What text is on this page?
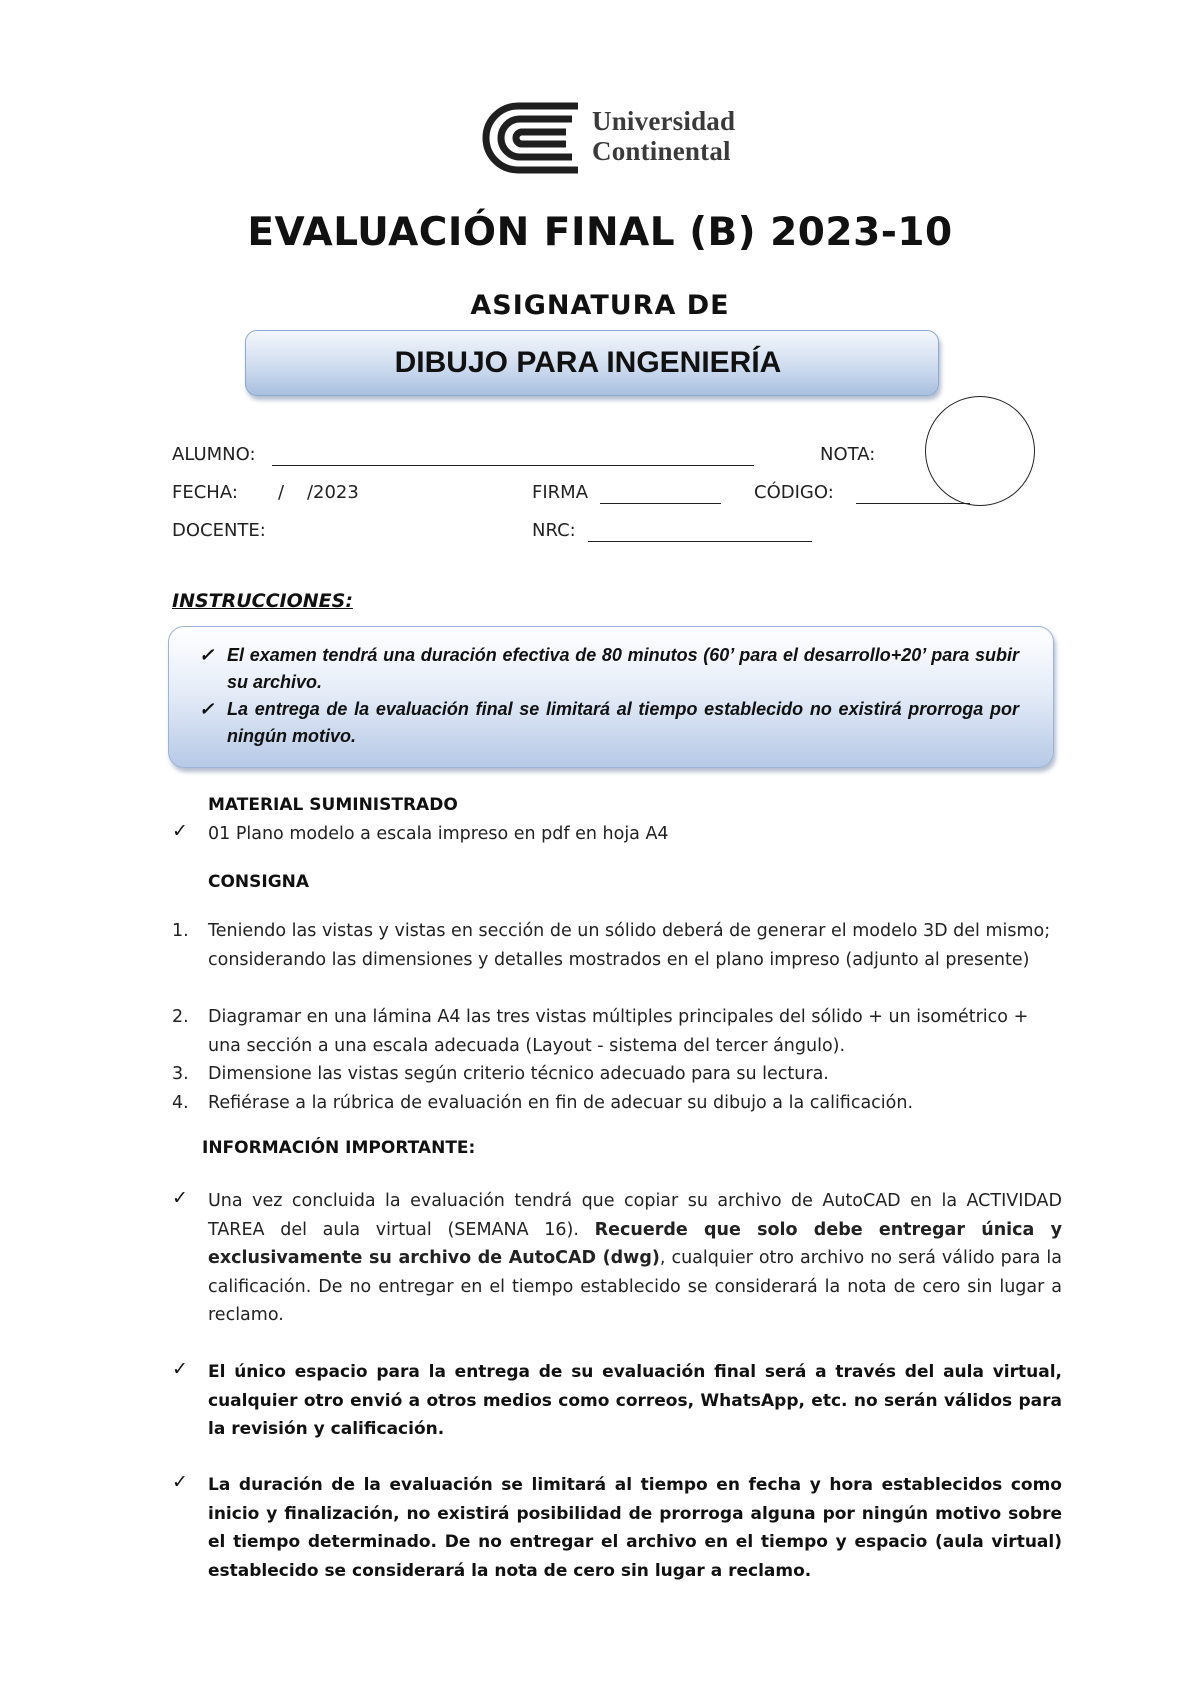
Universidad
Continental
EVALUACIÓN FINAL (B) 2023-10
ASIGNATURA DE
DIBUJO PARA INGENIERÍA
ALUMNO:	NOTA:
FECHA: /    /2023	FIRMA	CÓDIGO:
DOCENTE:	NRC:
INSTRUCCIONES:
✓ El examen tendrá una duración efectiva de 80 minutos (60’ para el desarrollo+20’ para subir su archivo.
✓ La entrega de la evaluación final se limitará al tiempo establecido no existirá prorroga por ningún motivo.
MATERIAL SUMINISTRADO
✓ 01 Plano modelo a escala impreso en pdf en hoja A4
CONSIGNA
1. Teniendo las vistas y vistas en sección de un sólido deberá de generar el modelo 3D del mismo; considerando las dimensiones y detalles mostrados en el plano impreso (adjunto al presente)
2. Diagramar en una lámina A4 las tres vistas múltiples principales del sólido + un isométrico + una sección a una escala adecuada (Layout - sistema del tercer ángulo).
3. Dimensione las vistas según criterio técnico adecuado para su lectura.
4. Refiérase a la rúbrica de evaluación en fin de adecuar su dibujo a la calificación.
INFORMACIÓN IMPORTANTE:
✓ Una vez concluida la evaluación tendrá que copiar su archivo de AutoCAD en la ACTIVIDAD TAREA del aula virtual (SEMANA 16). Recuerde que solo debe entregar única y exclusivamente su archivo de AutoCAD (dwg), cualquier otro archivo no será válido para la calificación. De no entregar en el tiempo establecido se considerará la nota de cero sin lugar a reclamo.
✓ El único espacio para la entrega de su evaluación final será a través del aula virtual, cualquier otro envió a otros medios como correos, WhatsApp, etc. no serán válidos para la revisión y calificación.
✓ La duración de la evaluación se limitará al tiempo en fecha y hora establecidos como inicio y finalización, no existirá posibilidad de prorroga alguna por ningún motivo sobre el tiempo determinado. De no entregar el archivo en el tiempo y espacio (aula virtual) establecido se considerará la nota de cero sin lugar a reclamo.
